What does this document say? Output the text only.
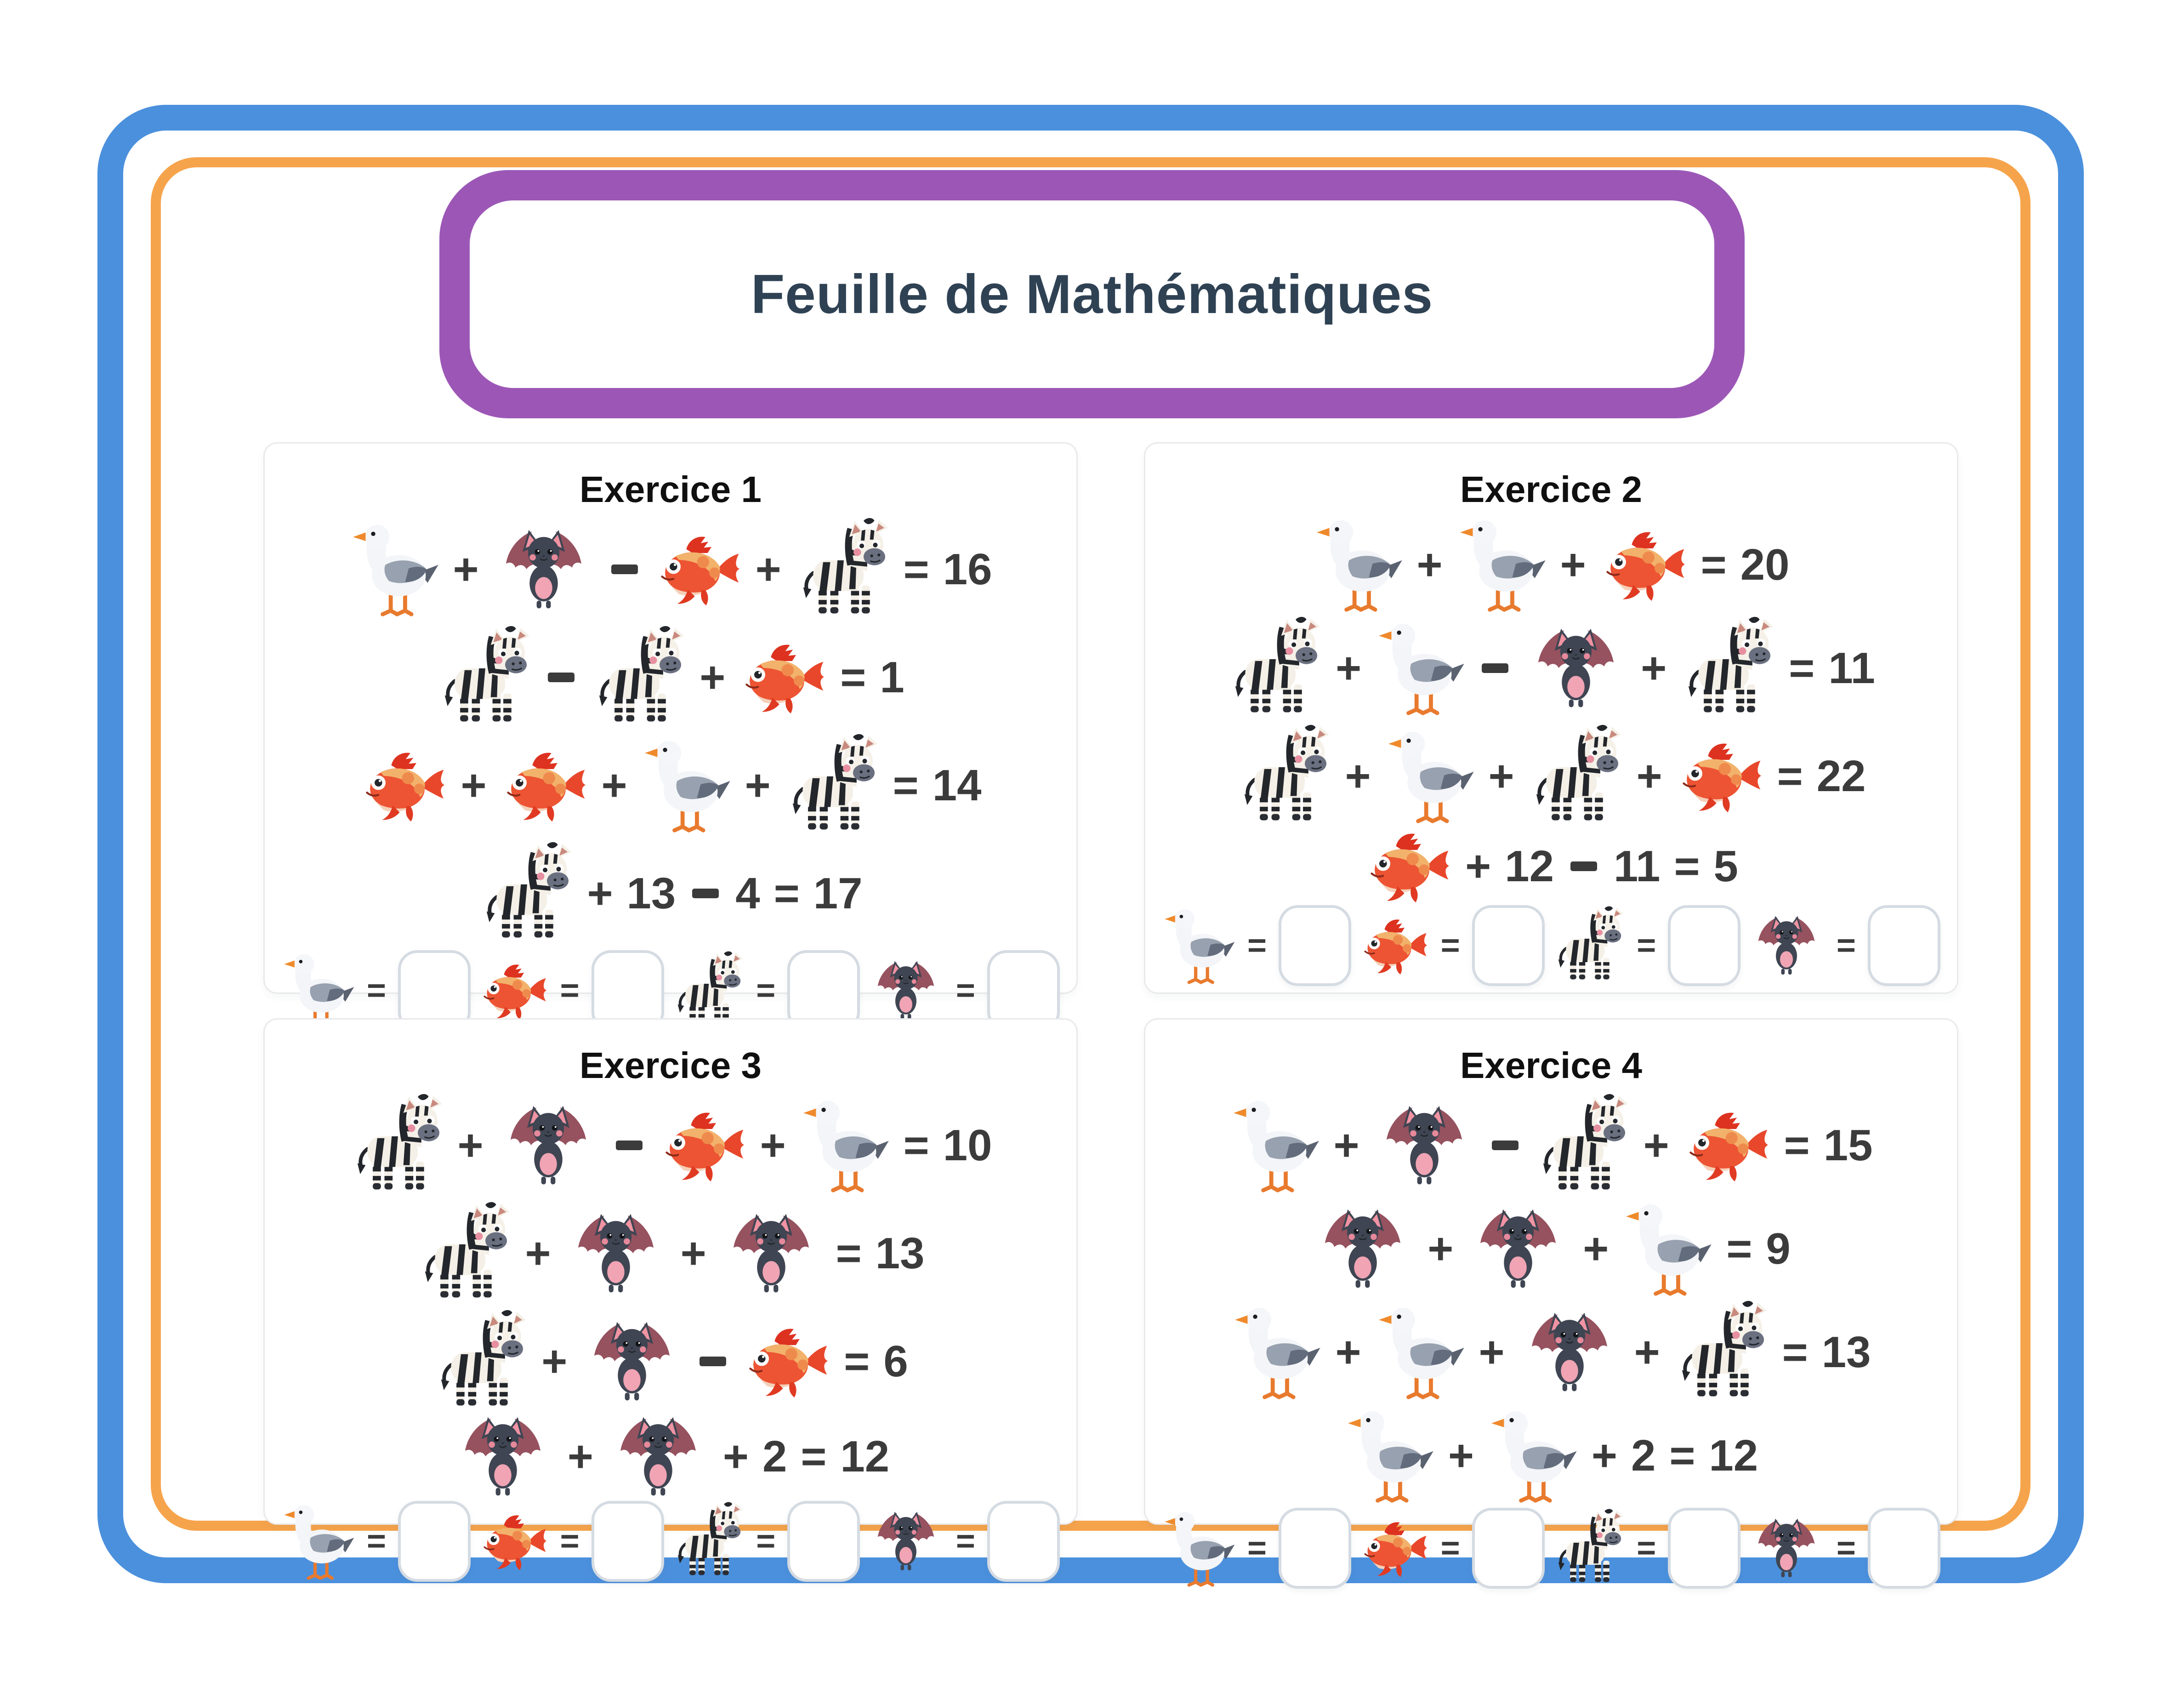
Feuille de Mathématiques
Exercice 1
+	+	= 16
+	= 1
+	+	+	= 14
+ 13 4 = 17
=	=	=	=
Exercice 2
+	+	= 20
+	+	= 11
+	+	+	= 22
+ 12 11 = 5
=	=	=	=
Exercice 3
+	+	= 10
+	+	= 13
+	= 6
+	+ 2 = 12
=	=	=	=
Exercice 4
+	+	= 15
+	+	= 9
+	+	+	= 13
+	+ 2 = 12
=	=	=	=
